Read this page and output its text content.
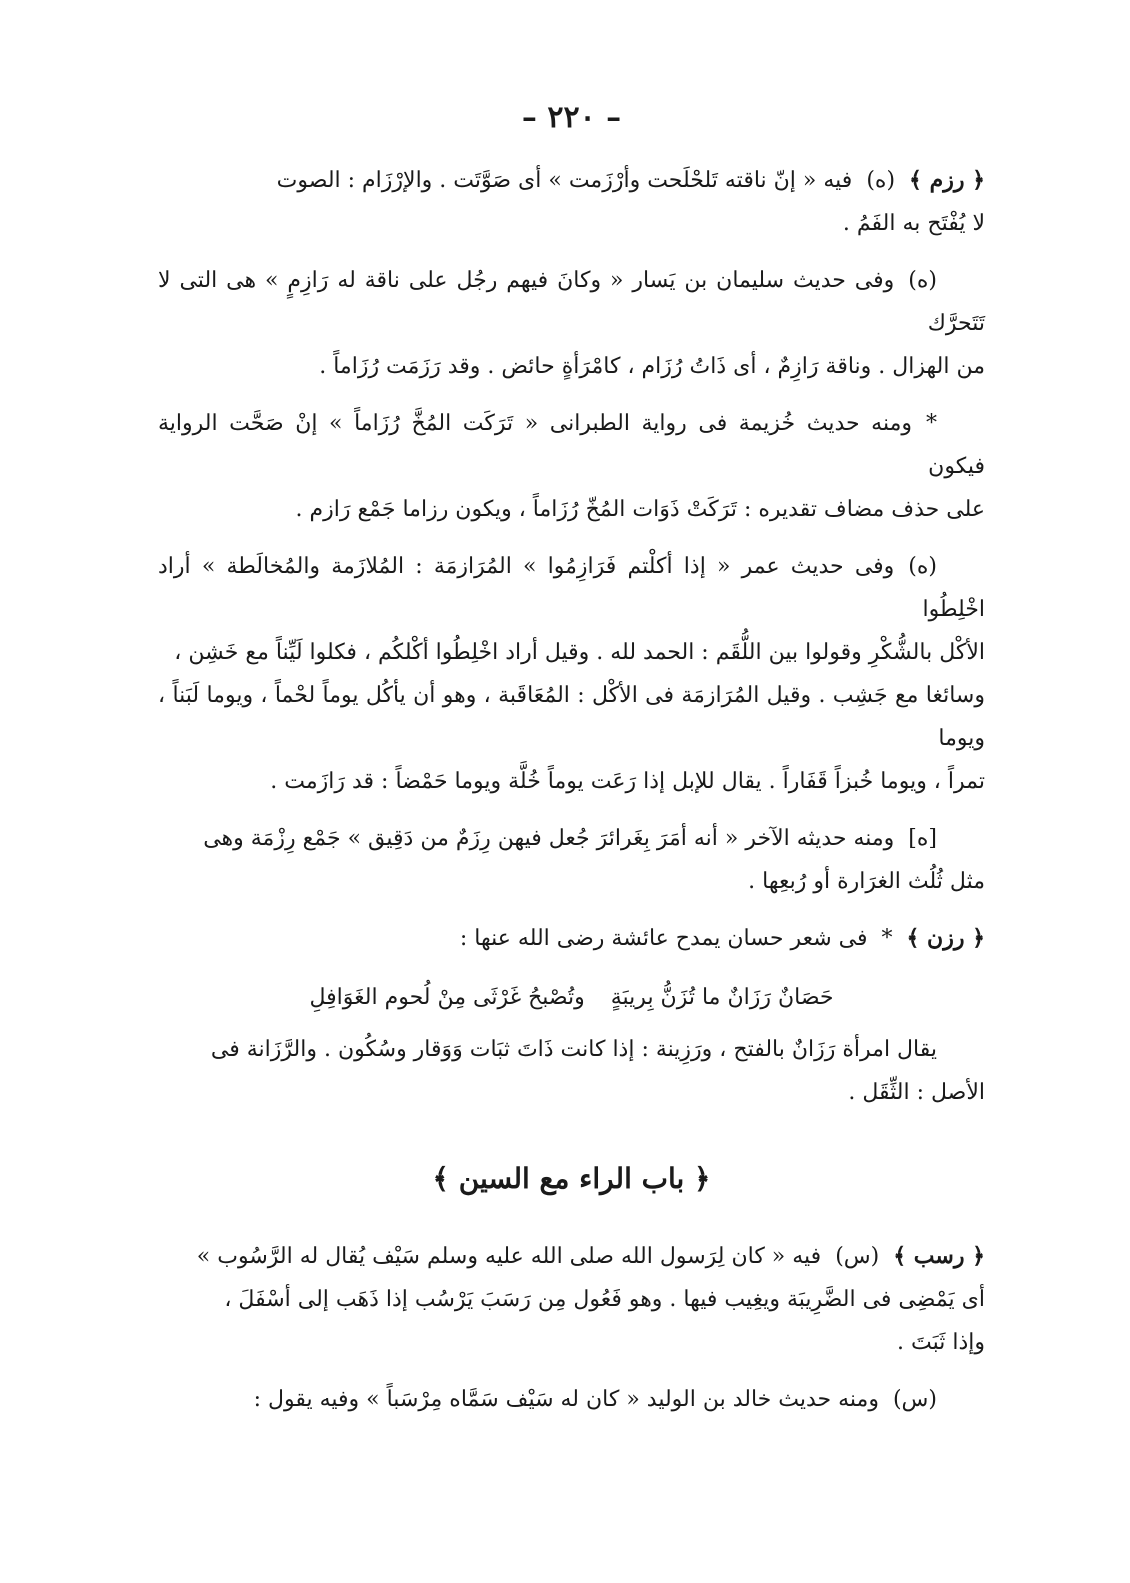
– ٢٢٠ –

﴿ رزم ﴾(ه)فيه « إنّ ناقته تَلحْلَحت وأرْزَمت » أى صَوَّتَت . والإرْزَام : الصوت

لا يُفْتَح به الفَمُ .

(ه)وفى حديث سليمان بن يَسار « وكانَ فيهم رجُل على ناقة له رَازِمٍ » هى التى لا تَتَحرَّك

من الهزال . وناقة رَازِمٌ ، أى ذَاتُ رُزَام ، كامْرَأةٍ حائض . وقد رَزَمَت رُزَاماً .

*ومنه حديث خُزيمة فى رواية الطبرانى « تَرَكَت المُخَّ رُزَاماً » إنْ صَحَّت الرواية فيكون

على حذف مضاف تقديره : تَرَكَتْ ذَوَات المُخّ رُزَاماً ، ويكون رزاما جَمْع رَازم .

(ه)وفى حديث عمر « إذا أكلْتم فَرَازِمُوا » المُرَازمَة : المُلازَمة والمُخالَطة » أراد اخْلِطُوا

الأكْل بالشُّكْرِ وقولوا بين اللُّقَم : الحمد لله . وقيل أراد اخْلِطُوا أكْلكُم ، فكلوا لَيِّناً مع خَشِن ،

وسائغا مع جَشِب . وقيل المُرَازمَة فى الأكْل : المُعَاقَبة ، وهو أن يأكُل يوماً لحْماً ، ويوما لَبَناً ، ويوما

تمراً ، ويوما خُبزاً قَفَاراً . يقال للإبل إذا رَعَت يوماً خُلَّة ويوما حَمْضاً : قد رَازَمت .

[ه]ومنه حديثه الآخر « أنه أمَرَ بِغَرائرَ جُعل فيهن رِزَمٌ من دَقِيق » جَمْع رِزْمَة وهى

مثل ثُلُث الغرَارة أو رُبعِها .

﴿ رزن ﴾*فى شعر حسان يمدح عائشة رضى الله عنها :

حَصَانٌ رَزَانٌ ما تُزَنُّ بِريبَةٍ
وتُصْبحُ غَرْثَى مِنْ لُحوم الغَوَافِلِ

يقال امرأة رَزَانٌ بالفتح ، ورَزِينة : إذا كانت ذَاتَ ثبَات وَوَقار وسُكُون . والرَّزَانة فى

الأصل : الثِّقَل .

﴿ باب الراء مع السين ﴾

﴿ رسب ﴾(س)فيه « كان لِرَسول الله صلى الله عليه وسلم سَيْف يُقال له الرَّسُوب »

أى يَمْضِى فى الضَّرِيبَة ويغِيب فيها . وهو فَعُول مِن رَسَبَ يَرْسُب إذا ذَهَب إلى أسْفَلَ ،

وإذا ثَبَتَ .

(س)ومنه حديث خالد بن الوليد « كان له سَيْف سَمَّاه مِرْسَباً » وفيه يقول :
